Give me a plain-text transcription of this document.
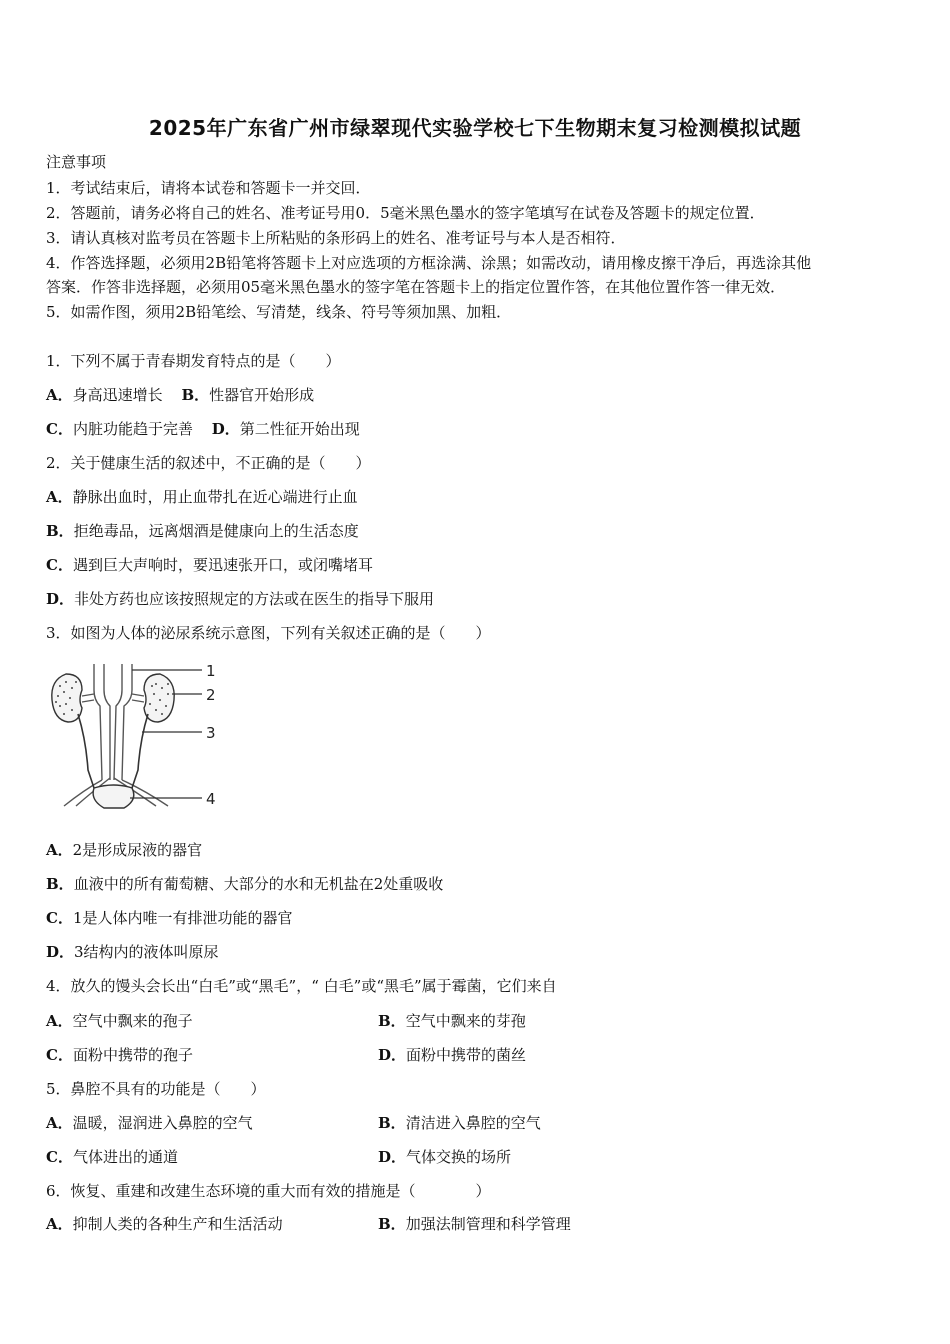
2025年广东省广州市绿翠现代实验学校七下生物期末复习检测模拟试题
注意事项
1．考试结束后，请将本试卷和答题卡一并交回．
2．答题前，请务必将自己的姓名、准考证号用0．5毫米黑色墨水的签字笔填写在试卷及答题卡的规定位置．
3．请认真核对监考员在答题卡上所粘贴的条形码上的姓名、准考证号与本人是否相符．
4．作答选择题，必须用2B铅笔将答题卡上对应选项的方框涂满、涂黑；如需改动，请用橡皮擦干净后，再选涂其他
答案．作答非选择题，必须用05毫米黑色墨水的签字笔在答题卡上的指定位置作答，在其他位置作答一律无效．
5．如需作图，须用2B铅笔绘、写清楚，线条、符号等须加黑、加粗．
1．下列不属于青春期发育特点的是（　　）
A．身高迅速增长 B．性器官开始形成
C．内脏功能趋于完善 D．第二性征开始出现
2．关于健康生活的叙述中，不正确的是（　　）
A．静脉出血时，用止血带扎在近心端进行止血
B．拒绝毒品，远离烟酒是健康向上的生活态度
C．遇到巨大声响时，要迅速张开口，或闭嘴堵耳
D．非处方药也应该按照规定的方法或在医生的指导下服用
3．如图为人体的泌尿系统示意图，下列有关叙述正确的是（　　）
1
2
3
4
A．2是形成尿液的器官
B．血液中的所有葡萄糖、大部分的水和无机盐在2处重吸收
C．1是人体内唯一有排泄功能的器官
D．3结构内的液体叫原尿
4．放久的馒头会长出“白毛”或“黑毛”，“ 白毛”或“黑毛”属于霉菌，它们来自
A．空气中飘来的孢子	B．空气中飘来的芽孢
C．面粉中携带的孢子	D．面粉中携带的菌丝
5．鼻腔不具有的功能是（　　）
A．温暖，湿润进入鼻腔的空气	B．清洁进入鼻腔的空气
C．气体进出的通道	D．气体交换的场所
6．恢复、重建和改建生态环境的重大而有效的措施是（　　　　）
A．抑制人类的各种生产和生活活动	B．加强法制管理和科学管理
